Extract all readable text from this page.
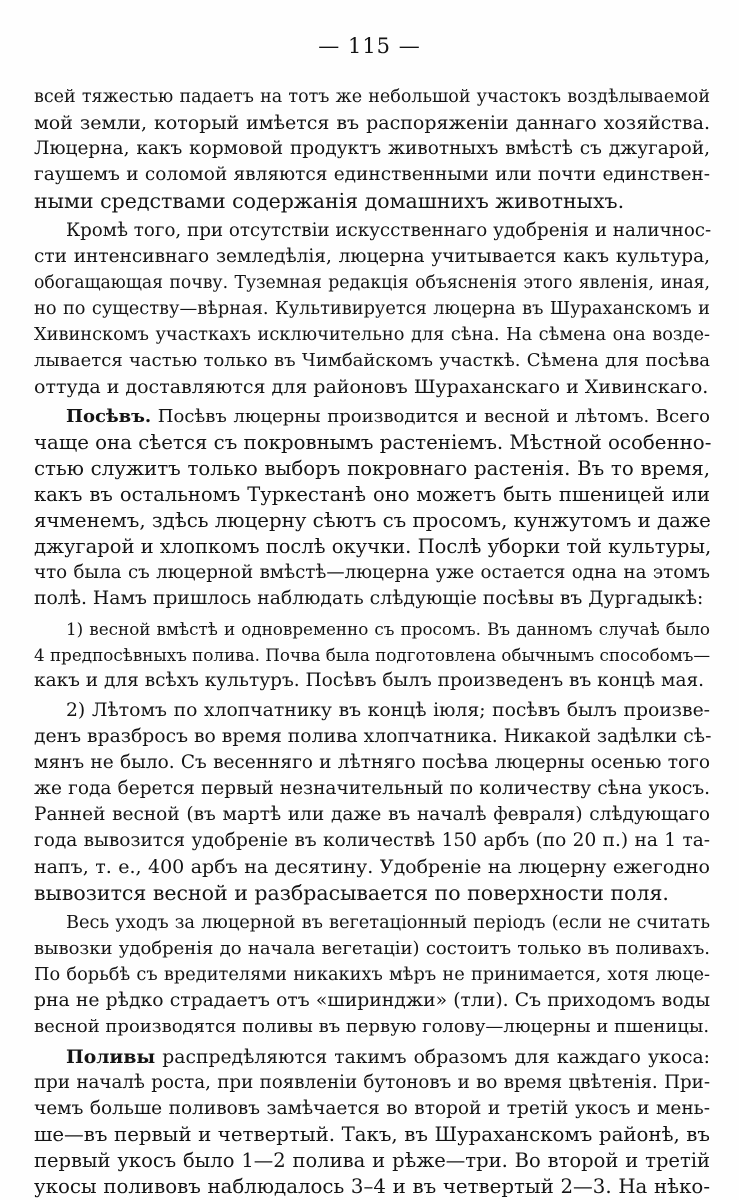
— 115 —
всей тяжестью падаетъ на тотъ же небольшой участокъ воздѣлываемой
мой земли, который имѣется въ распоряженіи даннаго хозяйства.
Люцерна, какъ кормовой продуктъ животныхъ вмѣстѣ съ джугарой,
гаушемъ и соломой являются единственными или почти единствен-
ными средствами содержанія домашнихъ животныхъ.
Кромѣ того, при отсутствіи искусственнаго удобренія и наличнос-
сти интенсивнаго земледѣлія, люцерна учитывается какъ культура,
обогащающая почву. Туземная редакція объясненія этого явленія, иная,
но по существу—вѣрная. Культивируется люцерна въ Шураханскомъ и
Хивинскомъ участкахъ исключительно для сѣна. На сѣмена она возде-
лывается частью только въ Чимбайскомъ участкѣ. Сѣмена для посѣва
оттуда и доставляются для районовъ Шураханскаго и Хивинскаго.
Посѣвъ. Посѣвъ люцерны производится и весной и лѣтомъ. Всего
чаще она сѣется съ покровнымъ растеніемъ. Мѣстной особенно-
стью служитъ только выборъ покровнаго растенія. Въ то время,
какъ въ остальномъ Туркестанѣ оно можетъ быть пшеницей или
ячменемъ, здѣсь люцерну сѣютъ съ просомъ, кунжутомъ и даже
джугарой и хлопкомъ послѣ окучки. Послѣ уборки той культуры,
что была съ люцерной вмѣстѣ—люцерна уже остается одна на этомъ
полѣ. Намъ пришлось наблюдать слѣдующіе посѣвы въ Дургадыкѣ:
1) весной вмѣстѣ и одновременно съ просомъ. Въ данномъ случаѣ было
4 предпосѣвныхъ полива. Почва была подготовлена обычнымъ способомъ—
какъ и для всѣхъ культуръ. Посѣвъ былъ произведенъ въ концѣ мая.
2) Лѣтомъ по хлопчатнику въ концѣ іюля; посѣвъ былъ произве-
денъ вразбросъ во время полива хлопчатника. Никакой задѣлки сѣ-
мянъ не было. Съ весенняго и лѣтняго посѣва люцерны осенью того
же года берется первый незначительный по количеству сѣна укосъ.
Ранней весной (въ мартѣ или даже въ началѣ февраля) слѣдующаго
года вывозится удобреніе въ количествѣ 150 арбъ (по 20 п.) на 1 та-
напъ, т. е., 400 арбъ на десятину. Удобреніе на люцерну ежегодно
вывозится весной и разбрасывается по поверхности поля.
Весь уходъ за люцерной въ вегетаціонный періодъ (если не считать
вывозки удобренія до начала вегетаціи) состоитъ только въ поливахъ.
По борьбѣ съ вредителями никакихъ мѣръ не принимается, хотя люце-
рна не рѣдко страдаетъ отъ «ширинджи» (тли). Съ приходомъ воды
весной производятся поливы въ первую голову—люцерны и пшеницы.
Поливы распредѣляются такимъ образомъ для каждаго укоса:
при началѣ роста, при появленіи бутоновъ и во время цвѣтенія. При-
чемъ больше поливовъ замѣчается во второй и третій укосъ и мень-
ше—въ первый и четвертый. Такъ, въ Шураханскомъ районѣ, въ
первый укосъ было 1—2 полива и рѣже—три. Во второй и третій
укосы поливовъ наблюдалось 3–4 и въ четвертый 2—3. На нѣко-
